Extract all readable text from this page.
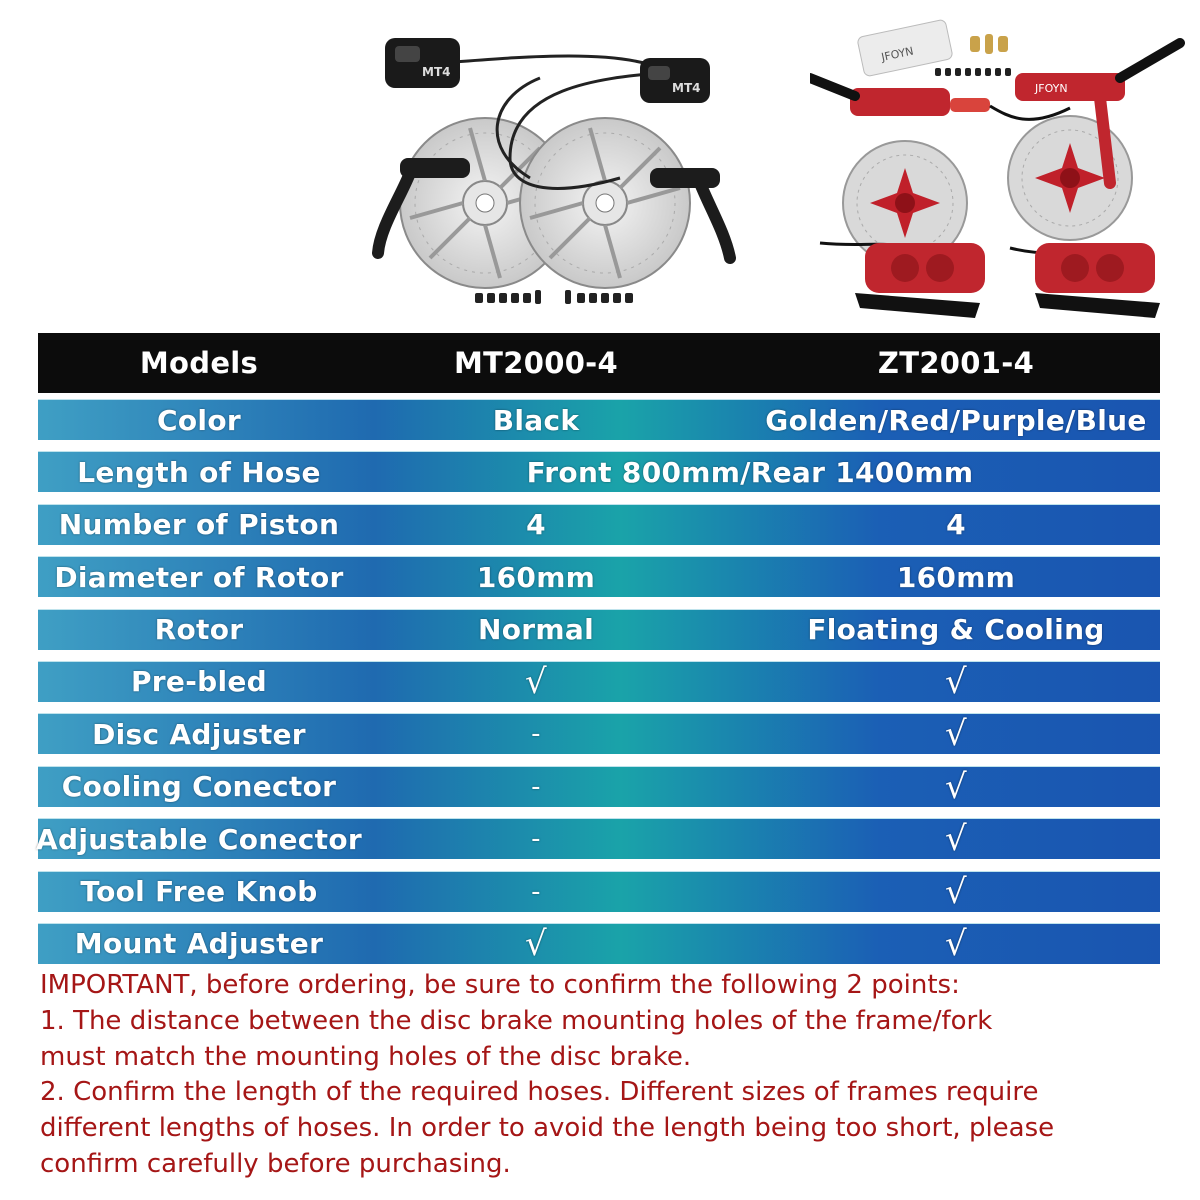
MT4
MT4
JFOYN
JFOYN
Models	MT2000-4	ZT2001-4
Color	Black	Golden/Red/Purple/Blue
Length of Hose	Front 800mm/Rear 1400mm
Number of Piston	4	4
Diameter of Rotor	160mm	160mm
Rotor	Normal	Floating & Cooling
Pre-bled	√	√
Disc Adjuster	-	√
Cooling Conector	-	√
Adjustable Conector	-	√
Tool Free Knob	-	√
Mount Adjuster	√	√

IMPORTANT, before ordering, be sure to confirm the following 2 points:

1. The distance between the disc brake mounting holes of the frame/fork

must match the mounting holes of the disc brake.

2. Confirm the length of the required hoses. Different sizes of frames require

different lengths of hoses. In order to avoid the length being too short, please

confirm carefully before purchasing.
